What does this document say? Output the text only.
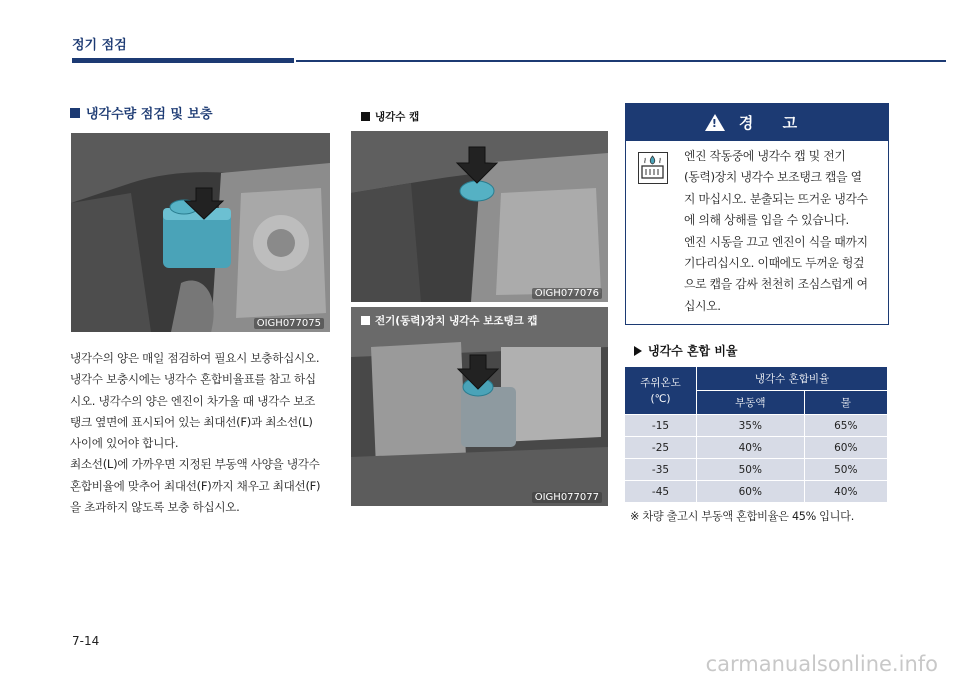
정기 점검
냉각수량 점검 및 보충
OIGH077075
냉각수 캡
OIGH077076
전기(동력)장치 냉각수 보조탱크 캡
OIGH077077

냉각수의 양은 매일 점검하여 필요시 보충하십시오.

냉각수 보충시에는 냉각수 혼합비율표를 참고 하십

시오. 냉각수의 양은 엔진이 차가울 때 냉각수 보조

탱크 옆면에 표시되어 있는 최대선(F)과 최소선(L)

사이에 있어야 합니다.

최소선(L)에 가까우면 지정된 부동액 사양을 냉각수

혼합비율에 맞추어 최대선(F)까지 채우고 최대선(F)

을 초과하지 않도록 보충 하십시오.

! 경 고

엔진 작동중에 냉각수 캡 및 전기

(동력)장치 냉각수 보조탱크 캡을 열

지 마십시오. 분출되는 뜨거운 냉각수

에 의해 상해를 입을 수 있습니다.

엔진 시동을 끄고 엔진이 식을 때까지

기다리십시오. 이때에도 두꺼운 헝겊

으로 캡을 감싸 천천히 조심스럽게 여

십시오.

냉각수 혼합 비율
주위온도
(℃)	냉각수 혼합비율	
	부동액	물
-15	35%	65%
-25	40%	60%
-35	50%	50%
-45	60%	40%
※ 차량 출고시 부동액 혼합비율은 45% 입니다.
7-14
carmanualsonline.info
